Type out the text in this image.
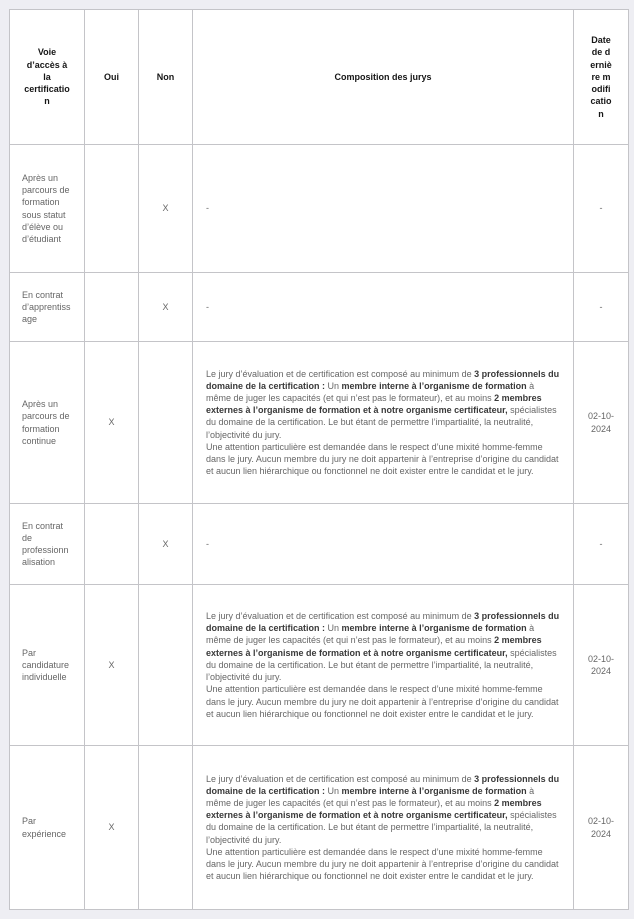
Voie d’accès à la certification	Oui	Non	Composition des jurys	Date de dernière modification
Après un parcours de formation sous statut d’élève ou d’étudiant		X	-	-
En contrat d’apprentissage		X	-	-
Après un parcours de formation continue	X		Le jury d’évaluation et de certification est composé au minimum de 3 professionnels du domaine de la certification : Un membre interne à l’organisme de formation à même de juger les capacités (et qui n’est pas le formateur), et au moins 2 membres externes à l’organisme de formation et à notre organisme certificateur, spécialistes du domaine de la certification. Le but étant de permettre l’impartialité, la neutralité, l’objectivité du jury.
Une attention particulière est demandée dans le respect d’une mixité homme-femme dans le jury. Aucun membre du jury ne doit appartenir à l’entreprise d’origine du candidat et aucun lien hiérarchique ou fonctionnel ne doit exister entre le candidat et le jury.	02-10-2024
En contrat de professionnalisation		X	-	-
Par candidature individuelle	X		Le jury d’évaluation et de certification est composé au minimum de 3 professionnels du domaine de la certification : Un membre interne à l’organisme de formation à même de juger les capacités (et qui n’est pas le formateur), et au moins 2 membres externes à l’organisme de formation et à notre organisme certificateur, spécialistes du domaine de la certification. Le but étant de permettre l’impartialité, la neutralité, l’objectivité du jury.
Une attention particulière est demandée dans le respect d’une mixité homme-femme dans le jury. Aucun membre du jury ne doit appartenir à l’entreprise d’origine du candidat et aucun lien hiérarchique ou fonctionnel ne doit exister entre le candidat et le jury.	02-10-2024
Par expérience	X		Le jury d’évaluation et de certification est composé au minimum de 3 professionnels du domaine de la certification : Un membre interne à l’organisme de formation à même de juger les capacités (et qui n’est pas le formateur), et au moins 2 membres externes à l’organisme de formation et à notre organisme certificateur, spécialistes du domaine de la certification. Le but étant de permettre l’impartialité, la neutralité, l’objectivité du jury.
Une attention particulière est demandée dans le respect d’une mixité homme-femme dans le jury. Aucun membre du jury ne doit appartenir à l’entreprise d’origine du candidat et aucun lien hiérarchique ou fonctionnel ne doit exister entre le candidat et le jury.	02-10-2024
